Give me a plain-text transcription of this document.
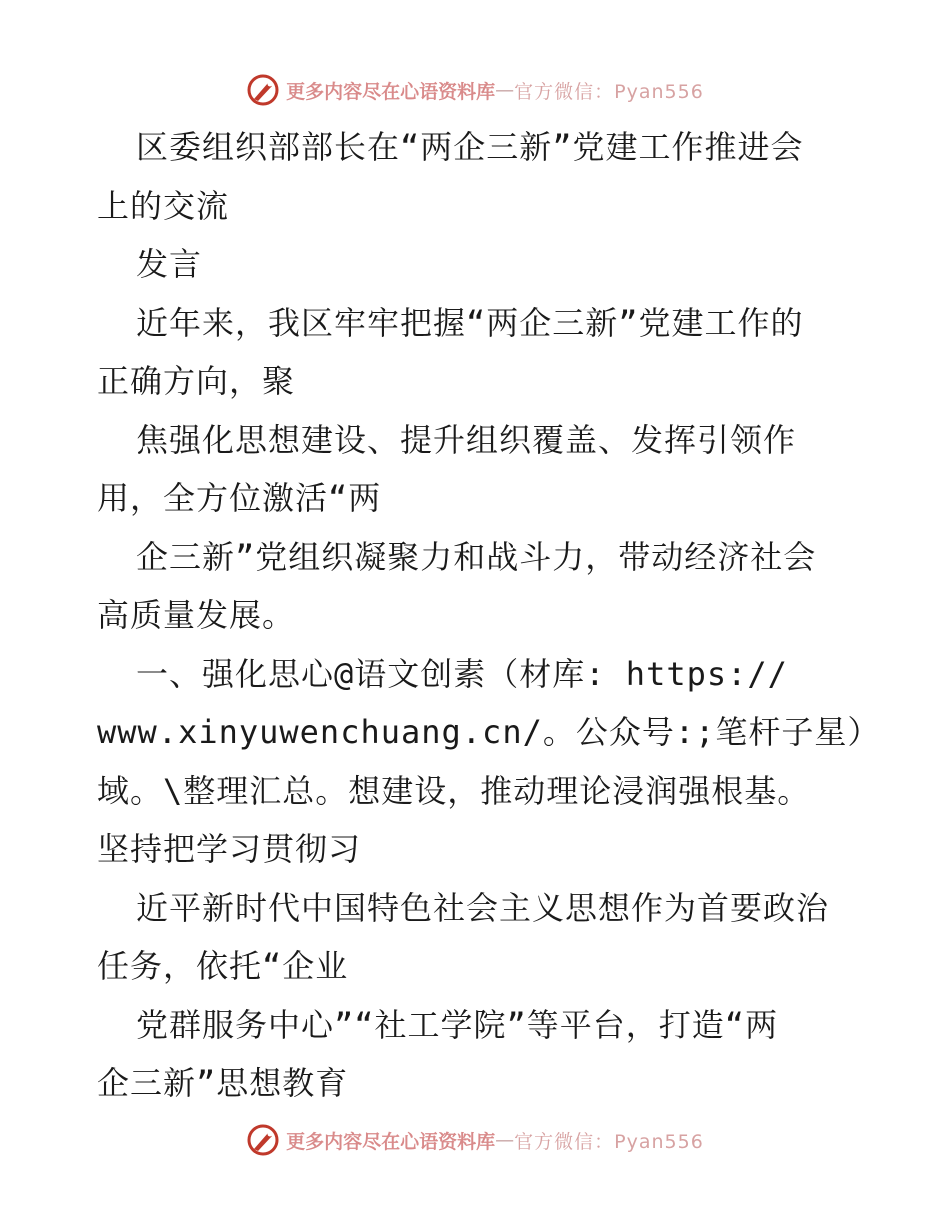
更多内容尽在心语资料库 — 官方微信：Pyan556
区委组织部部长在“两企三新”党建工作推进会
上的交流
发言
近年来，我区牢牢把握“两企三新”党建工作的
正确方向，聚
焦强化思想建设、提升组织覆盖、发挥引领作
用，全方位激活“两
企三新”党组织凝聚力和战斗力，带动经济社会
高质量发展。
一、强化思心@语文创素（材库: https://
www.xinyuwenchuang.cn/。公众号:;笔杆子星）
域。\整理汇总。想建设，推动理论浸润强根基。
坚持把学习贯彻习
近平新时代中国特色社会主义思想作为首要政治
任务，依托“企业
党群服务中心”“社工学院”等平台，打造“两
企三新”思想教育
更多内容尽在心语资料库 — 官方微信：Pyan556
